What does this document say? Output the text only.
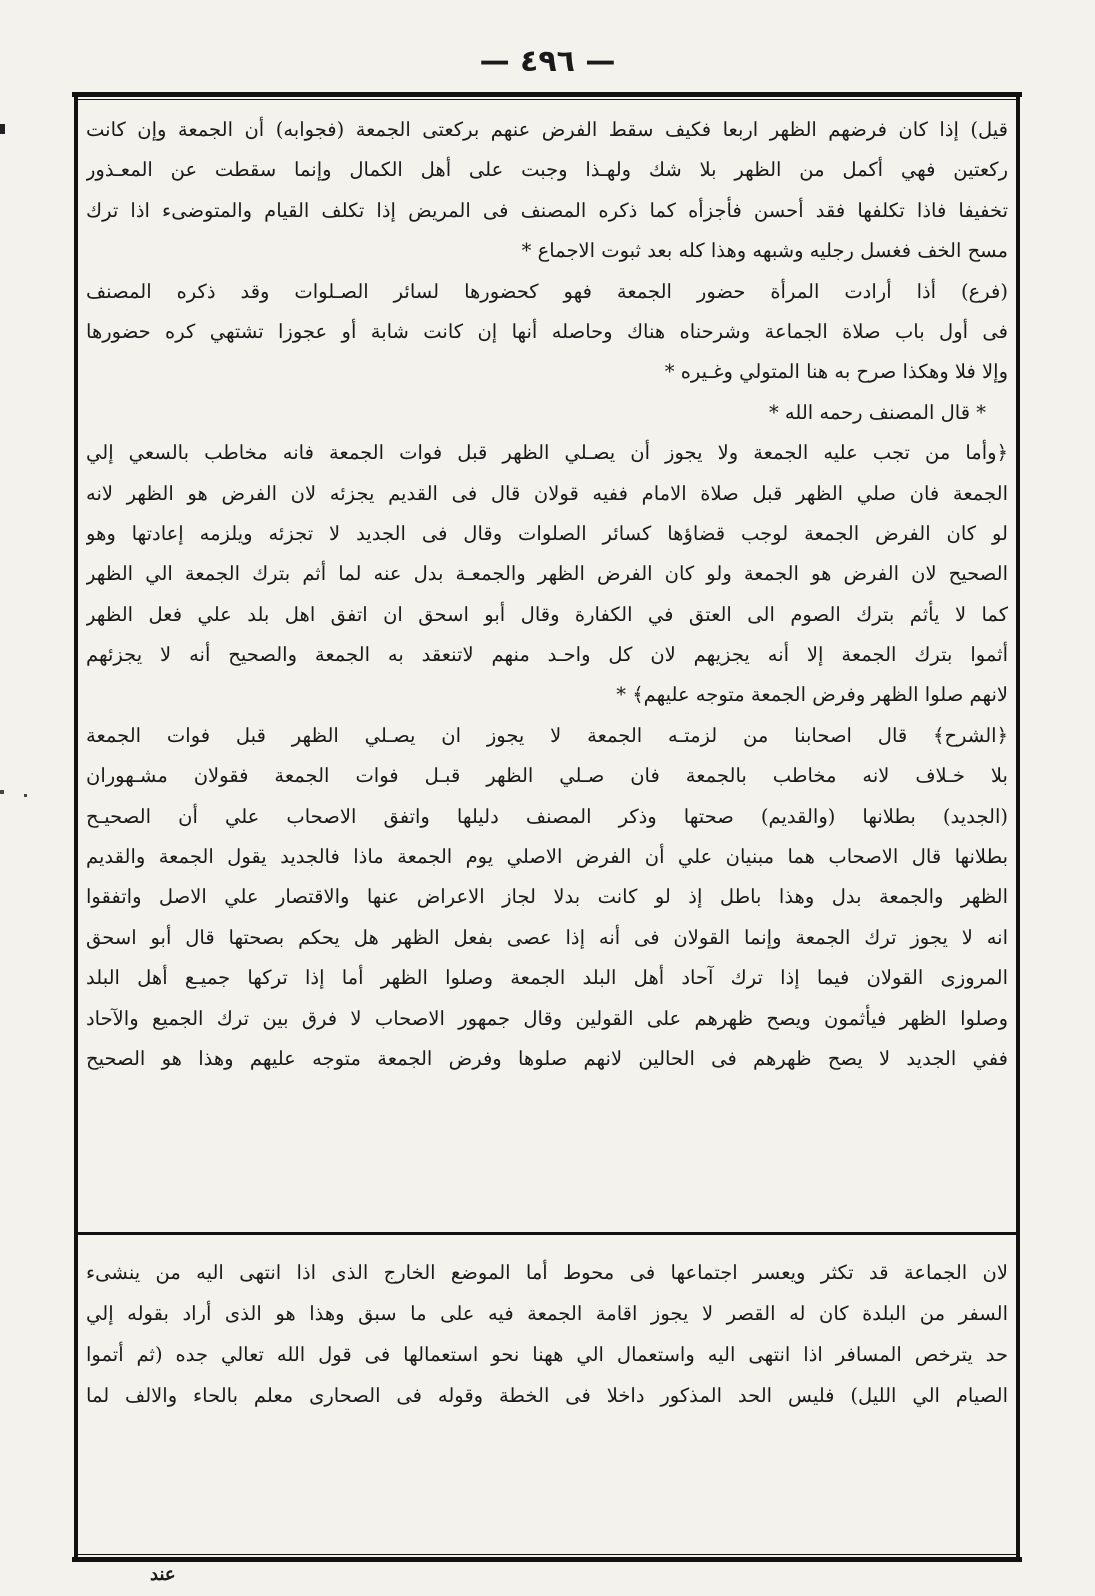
— ٤٩٦ —
قيل) إذا كان فرضهم الظهر اربعا فكيف سقط الفرض عنهم بركعتى الجمعة (فجوابه) أن الجمعة وإن كانت
ركعتين فهي أكمل من الظهر بلا شك ولهـذا وجبت على أهل الكمال وإنما سقطت عن المعـذور
تخفيفا فاذا تكلفها فقد أحسن فأجزأه كما ذكره المصنف فى المريض إذا تكلف القيام والمتوضىء اذا ترك
مسح الخف فغسل رجليه وشبهه وهذا كله بعد ثبوت الاجماع *
(فرع) أذا أرادت المرأة حضور الجمعة فهو كحضورها لسائر الصـلوات وقد ذكره المصنف
فى أول باب صلاة الجماعة وشرحناه هناك وحاصله أنها إن كانت شابة أو عجوزا تشتهي كره حضورها
وإلا فلا وهكذا صرح به هنا المتولي وغـيره *
* قال المصنف رحمه الله *
﴿وأما من تجب عليه الجمعة ولا يجوز أن يصـلي الظهر قبل فوات الجمعة فانه مخاطب بالسعي إلي
الجمعة فان صلي الظهر قبل صلاة الامام ففيه قولان قال فى القديم يجزئه لان الفرض هو الظهر لانه
لو كان الفرض الجمعة لوجب قضاؤها كسائر الصلوات وقال فى الجديد لا تجزئه ويلزمه إعادتها وهو
الصحيح لان الفرض هو الجمعة ولو كان الفرض الظهر والجمعـة بدل عنه لما أثم بترك الجمعة الي الظهر
كما لا يأثم بترك الصوم الى العتق في الكفارة وقال أبو اسحق ان اتفق اهل بلد علي فعل الظهر
أثموا بترك الجمعة إلا أنه يجزيهم لان كل واحـد منهم لاتنعقد به الجمعة والصحيح أنه لا يجزئهم
لانهم صلوا الظهر وفرض الجمعة متوجه عليهم﴾ *
﴿الشرح﴾ قال اصحابنا من لزمتـه الجمعة لا يجوز ان يصـلي الظهر قبل فوات الجمعة
بلا خـلاف لانه مخاطب بالجمعة فان صـلي الظهر قبـل فوات الجمعة فقولان مشـهوران
(الجديد) بطلانها (والقديم) صحتها وذكر المصنف دليلها واتفق الاصحاب علي أن الصحيـح
بطلانها قال الاصحاب هما مبنيان علي أن الفرض الاصلي يوم الجمعة ماذا فالجديد يقول الجمعة والقديم
الظهر والجمعة بدل وهذا باطل إذ لو كانت بدلا لجاز الاعراض عنها والاقتصار علي الاصل واتفقوا
انه لا يجوز ترك الجمعة وإنما القولان فى أنه إذا عصى بفعل الظهر هل يحكم بصحتها قال أبو اسحق
المروزى القولان فيما إذا ترك آحاد أهل البلد الجمعة وصلوا الظهر أما إذا تركها جميـع أهل البلد
وصلوا الظهر فيأثمون ويصح ظهرهم على القولين وقال جمهور الاصحاب لا فرق بين ترك الجميع والآحاد
ففي الجديد لا يصح ظهرهم فى الحالين لانهم صلوها وفرض الجمعة متوجه عليهم وهذا هو الصحيح
لان الجماعة قد تكثر ويعسر اجتماعها فى محوط أما الموضع الخارج الذى اذا انتهى اليه من ينشىء
السفر من البلدة كان له القصر لا يجوز اقامة الجمعة فيه على ما سبق وهذا هو الذى أراد بقوله إلي
حد يترخص المسافر اذا انتهى اليه واستعمال الي ههنا نحو استعمالها فى قول الله تعالي جده (ثم أتموا
الصيام الي الليل) فليس الحد المذكور داخلا فى الخطة وقوله فى الصحارى معلم بالحاء والالف لما
عند
